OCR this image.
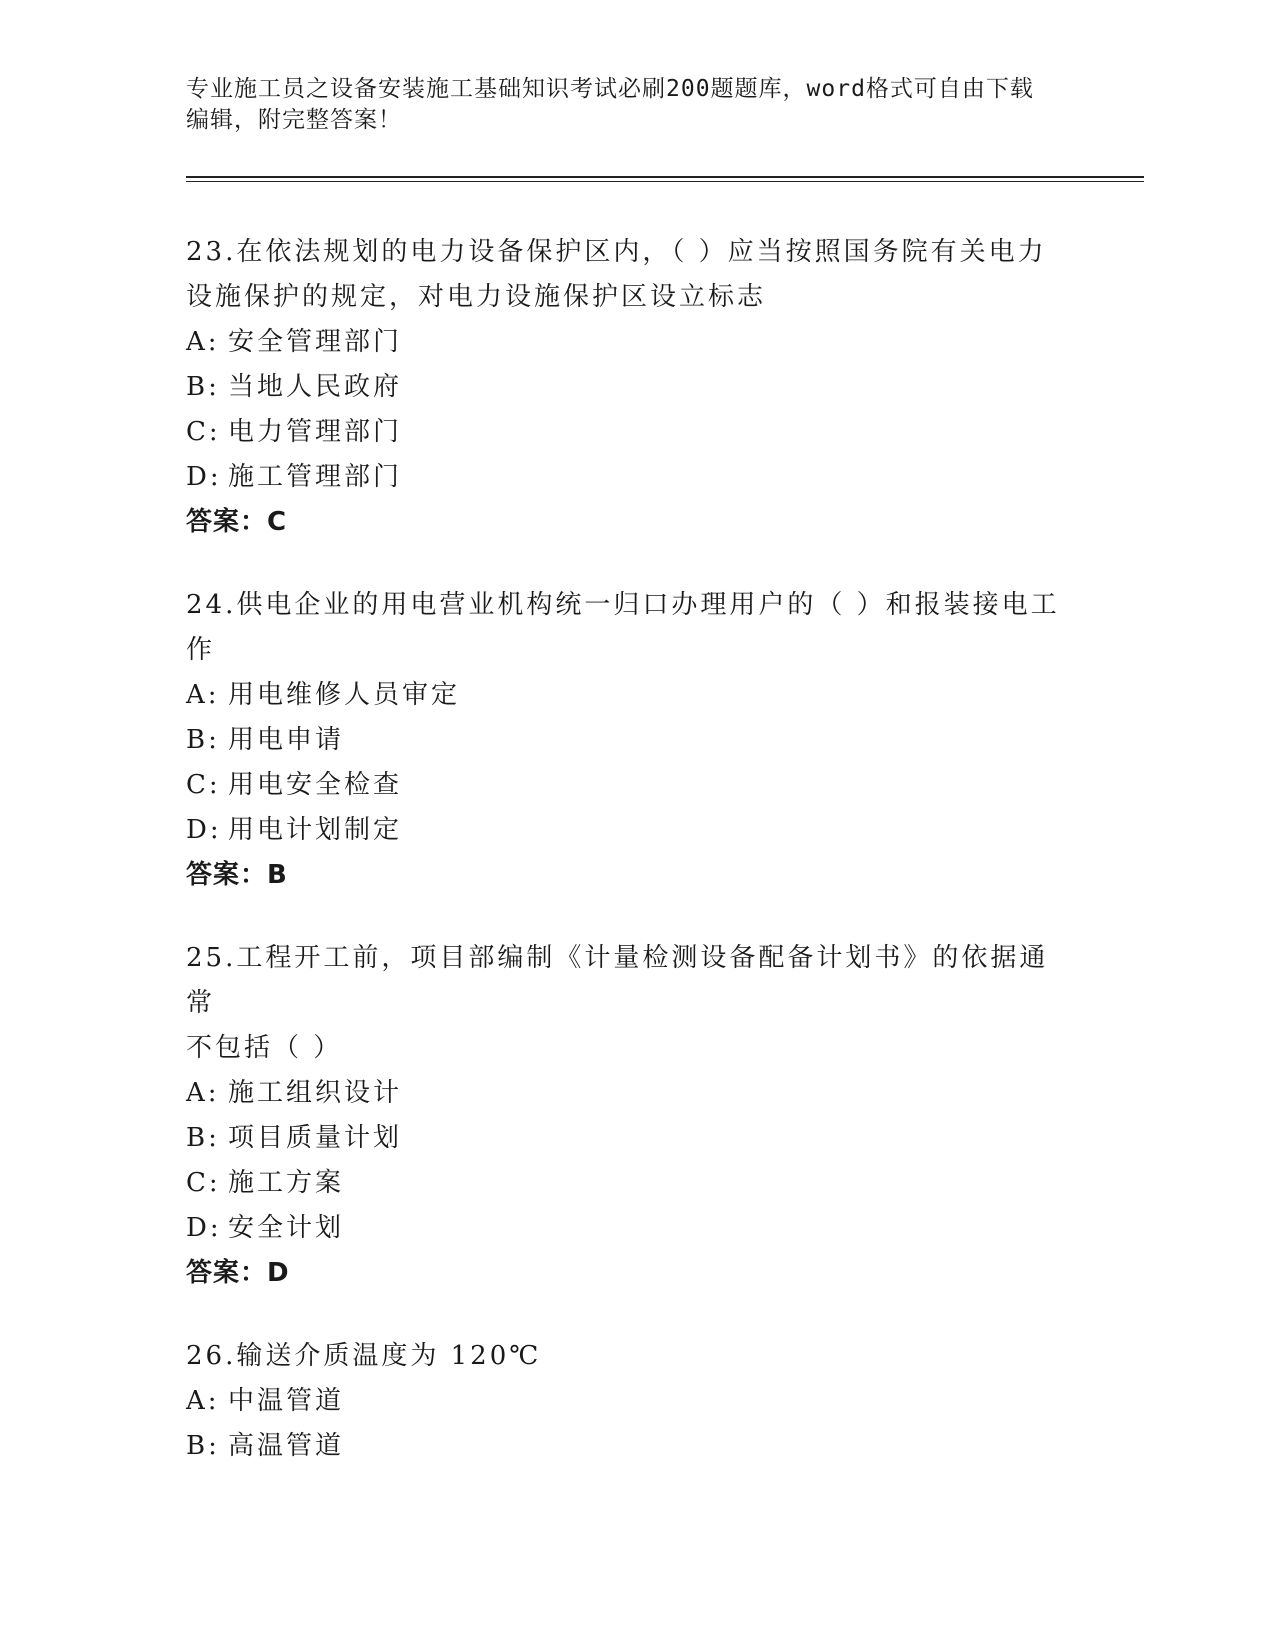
专业施工员之设备安装施工基础知识考试必刷200题题库，word格式可自由下载
编辑，附完整答案！
23.在依法规划的电力设备保护区内，（ ）应当按照国务院有关电力
设施保护的规定，对电力设施保护区设立标志
A: 安全管理部门
B: 当地人民政府
C: 电力管理部门
D: 施工管理部门
答案：C
24.供电企业的用电营业机构统一归口办理用户的（ ）和报装接电工
作
A: 用电维修人员审定
B: 用电申请
C: 用电安全检查
D: 用电计划制定
答案：B
25.工程开工前，项目部编制《计量检测设备配备计划书》的依据通常
不包括（ ）
A: 施工组织设计
B: 项目质量计划
C: 施工方案
D: 安全计划
答案：D
26.输送介质温度为 120℃
A: 中温管道
B: 高温管道
